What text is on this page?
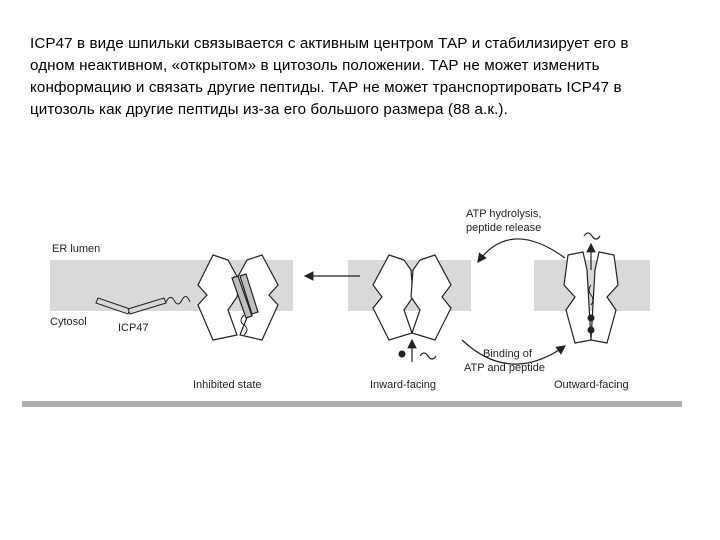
ICP47 в виде шпильки связывается с активным центром ТАР и стабилизирует его в
одном неактивном, «открытом» в цитозоль положении. ТАР не может изменить
конформацию и связать другие пептиды. ТАР не может транспортировать ICP47 в
цитозоль как другие пептиды из-за его большого размера (88 а.к.).
ER lumen
Cytosol	ICP47
ATP hydrolysis,
peptide release
Binding of
ATP and peptide
Inhibited state	Inward-facing	Outward-facing
